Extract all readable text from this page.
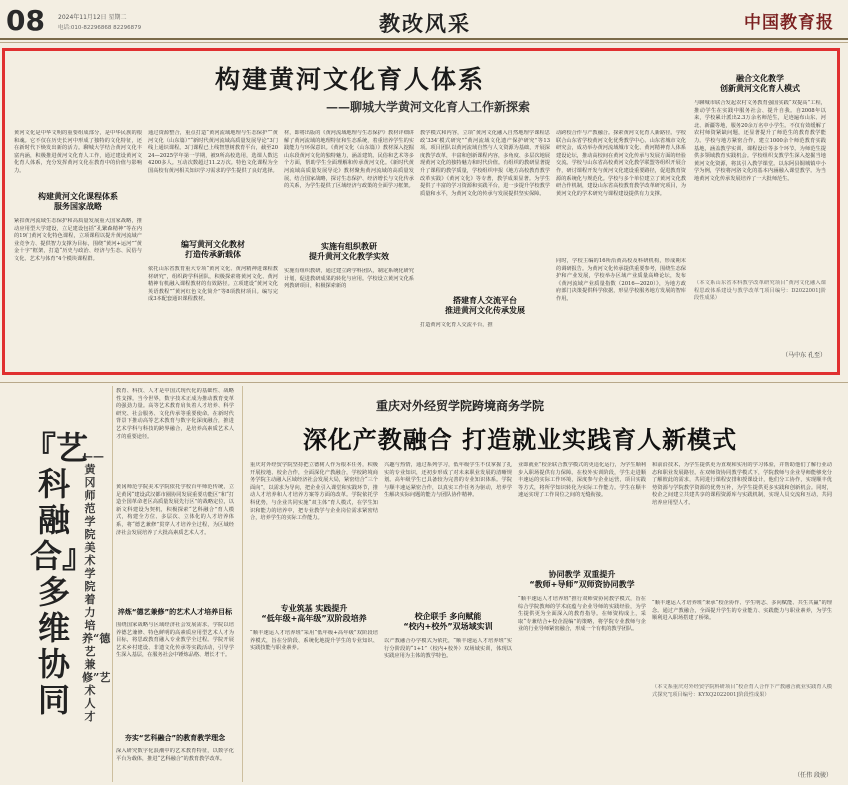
08 2024年11月12日 星期二
电话:010-82296868 82296879	教改风采	中国教育报
构建黄河文化育人体系
——聊城大学黄河文化育人工作新探索
黄河文化是中华文明的重要组成部分，是中华民族的根和魂。它不仅在历史长河中形成了独特的文化特征，还在新时代下焕发出新的活力。聊城大学结合黄河文化丰富内涵，积极推进黄河文化育人工作，通过建设黄河文化育人体系，充分发挥黄河文化在教育中的价值与影响力。
构建黄河文化课程体系
服务国家战略
紧扣黄河流域生态保护和高质量发展重大国家战略，推动应用型大学建设，立足建设包括“孔繁森精神”等在内的19门黄河文化特色课程，立项课程以提升黄河流域产业竞争力、提供智力支撑为目标，围绕“黄河+运河”“黄金十字”框架，打造“历史与政治、经济与生态、民俗与文化、艺术与体育”4个模块课程群。
通过资源整合，重点打造“黄河流域地理与生态保护”“黄河文化（山东篇）”“新时代黄河流域高质量发展导论”3门线上通识课程。3门课程已上线智慧树教育平台，截至2024—2025学年第一学期，被9所高校选用，选课人数达4200多人。互动次数超过11.2万次。特色文化课程为全国高校有黄河相关知识学习需求的学生提供了良好选择。
编写黄河文化教材
打造传承新载体
依托山东省教育重大专项“黄河文化、黄河精神进课程教材研究”，组织跨学科团队，积极探索将黄河文化、黄河精神有机融入课程教材的有效路径。立项建设“黄河文化英语教程”“黄河红色文化简介”等8项教材项目。编写完成3本配套通识课程教材。
材，即将出版的《黄河流域地理与生态保护》教材详细讲解了黄河流域的地理特征和生态系统，着重培养学生的实践能力与环保意识。《黄河文化（山东篇）》教材深入挖掘山东段黄河文化的独特魅力，涵盖建筑、民俗和艺术等多个方面，帮助学生全面理解和传承黄河文化。《新时代黄河流域高质量发展导论》教材聚焦黄河流域的高质量发展，结合国家战略，探讨生态保护、经济增长与文化传承的关系，为学生提供了区域经济与政策的全面学习框架。
实施有组织教研
提升黄河文化教学实效
实施有组织教研，通过建立跨学科团队，制定系统化研究计划，促进教研成果的转化与应用。学校设立黄河文化系列教研项目，积极探索新的
教学模式和内容，立项“黄河文化融入自然地理学课程思政‘334’模式研究”“黄河流域文化遗产保护研究”等13项。项目团队以黄河流域自然与人文资源为基础，开展深度教学改革，丰富和创新课程内容，多角度、多层次地展现黄河文化的独特魅力和时代价值。有组织的教研显著提升了课程的教学质量，学校组织申报《地方高校教育教学改革实践》《黄河文化》等专著，教学成果显著。为学生提供了丰富的学习资源和实践平台，进一步提升学校教学质量和水平，为黄河文化的传承与发展提供坚实保障。
搭建育人交流平台
推进黄河文化传承发展
打造黄河文化育人交流平台，推
动跨校合作与产教融合。探索黄河文化育人新路径。学校联合山东省学校黄河文化优秀教学中心、山东省城市文化研究会，成功举办黄河流域城市文化、黄河精神育人体系建设论坛，推动高校间在黄河文化传承与发展方面的经验交流。学校与山东省高校黄河文化教学联盟等组织开展合作，研讨课程开发与黄河文化建设重要路径，促进教育资源的系统化与规范化。学校与多个单位建立了黄河文化教研合作机制，建设山东省高校教育教学改革研究项目，为黄河文化的学术研究与课程建设提供有力支撑。
同时，学校主编的16所沿黄高校及科研机构，形成期末的调研报告。为黄河文化传承提供重要参考，围绕生态保护和产业发展，学校举办区域产业质量高峰论坛，发布《黄河流域产业质量指数（2016—2020）》，为地方政府部门决策提供科学依据，形显学校服务地方发展的智库作用。
融合文化教学
创新黄河文化育人模式
与聊城市联合发起农村文务教育强国实践“双提高”工程，推动学生在实践中服务社会、提升自我。自2008年以来，学校累计派出2.3万余名师范生，足迹遍布山东、河北、新疆等地，服务20余万名中小学生。不仅有效缓解了农村师资紧缺问题，还显著提升了师范生的教育教学能力。学校与地方紧密合作，建立1000余个师范教育实践基地，涵盖教学实训、课程设计等多个环节。为师范生提供多领域教育实践机会。学校组织支教学生深入挖掘当地黄河文化资源，将其引入教学课堂。以东阿县铜城镇中小学为例，学校将河洛文化的基本内涵融入课堂教学。为当地黄河文化传承发展培养了一大批师范生。
（本文系山东省本科教学改革研究项目“黄河文化融入课程思政体系建设与教学改革”[项目编号：D2022001]阶段性成果）
（马中东 孔至）
『艺科融合』多维协同
——黄冈师范学院美术学院着力培养“德艺兼修”艺术人才
教育、科技、人才是中国式现代化的基础性、战略性支撑。当今世界，数字技术正成为推动教育变革的强劲力量。高等艺术教育肩负着人才培养、科学研究、社会服务、文化传承等重要使命。在新时代背景下推动高等艺术教育与数字化深度融合，推进艺术学科与科技的跨界融合，是培养高素质艺术人才的重要途径。
黄冈师范学院美术学院依托学校百年师范传统，立足黄冈“建设武汉都市圈协同发展重要功能区”和“打造全国革命老区高质量发展先行区”的战略定位，以新文科建设为契机，积极探索“艺科融合”育人模式，构建全方位、多层次、立体化的人才培养体系，将“德艺兼修”贯穿人才培养全过程，为区域经济社会发展培养了大批高素质艺术人才。
淬炼“德艺兼修”的艺术人才培养目标
围绕国家战略与区域经济社会发展需求，学院以培养德艺兼修、特色鲜明的高素质应用型艺术人才为目标，将思政教育融入专业教学全过程。学院开展艺术乡村建设、非遗文化传承等实践活动，引导学生深入基层，在服务社会中锤炼品格、增长才干。
夯实“艺科融合”的教育教学理念
深入研究数字化浪潮中的艺术教育特征，以数字化平台为载体，推进“艺科融合”的教育教学改革。
重庆对外经贸学院跨境商务学院
深化产教融合 打造就业实践育人新模式
重庆对外经贸学院坚持把立德树人作为根本任务，积极开展校地、校企合作，全面深化产教融合，学校跨境商务学院主动融入区域经济社会发展大局，紧密结合“三个面向”，以需求为导向，把企业引入课堂和实践环节，推动人才培养和人才培养方案等方面的改革。学院依托学科优势，与企业共同实施“双主体”育人模式，在学生知识和能力的培养中，把专业教学与企业岗位需求紧密结合，培养学生的实际工作能力。
专业筑基 实践提升
“低年级+高年级”双阶段培养
“顺丰速运人才培养班”采用“低年级+高年级”双阶段培养模式，旨在分阶段、系统化地提升学生的专业知识、实践技能与职业素养。
兴趣与热情，通过系列学习，低年级学生不仅掌握了扎实的专业知识，还初步形成了对未来职业发展的清晰规划。高年级学生已具备较为完善的专业知识体系。学院与顺丰速运紧密合作，以真实工作任务为驱动，培养学生解决实际问题的能力与团队协作精神。
校企联手 多向赋能
“校内+校外”双场域实训
以产教融合办学模式为依托，“顺丰速运人才培养班”实行分阶段的“1+1”（校内+校外）双场域实训，体现以实践应用为主体的教学特色。
业即就业”校企联合教学模式的更适化运行，为学生顺利步入职场提供有力保障。在校外实训阶段，学生走进顺丰速运的实际工作环境，深度参与企业运营，项目实践等方式，将所学知识转化为实际工作能力。学生在顺丰速运实现了工作岗位之间的无缝衔接。
协同教学 双重提升
“教师+导师”双师资协同教学
“顺丰速运人才培养班”推行双师资协同教学模式，旨在综合学院教师的学术底蕴与企业导师的实践经验，为学生提供更为全面深入的教育指导。在师资构成上，采取“专兼结合+校企混编”的策略，将学院专业教师与企业的行业导师紧密融合，形成一个有机的教学团队。
和前沿技术，为学生提供更为直观和实用的学习体验，并帮助他们了解行业动态和职业发展路径。在双师资协同教学模式下，学院教师与企业导师能够充分了解彼此的需求，共同进行课程安排和授课设计，他们分工协作，实现顺丰优势资源与学院教学资源的优势互补，为学生提供更多实践和创新机会。同时，校企之间建立共建共享的课程资源库与实践机制，实现人员交流和互动，共同培养应用型人才。
“顺丰速运人才培养班”秉承“校企协作、学生明志、多向赋能、共生共赢”的理念。通过产教融合，全面提升学生的专业能力、实践能力与职业素养，为学生顺利进入职场搭建了桥梁。
（本文系重庆对外经贸学院科研项目“校企育人合作下产教融合就业实践育人模式探究”[项目编号：KYXQ2022001]阶段性成果）
（任伟 段骏）
